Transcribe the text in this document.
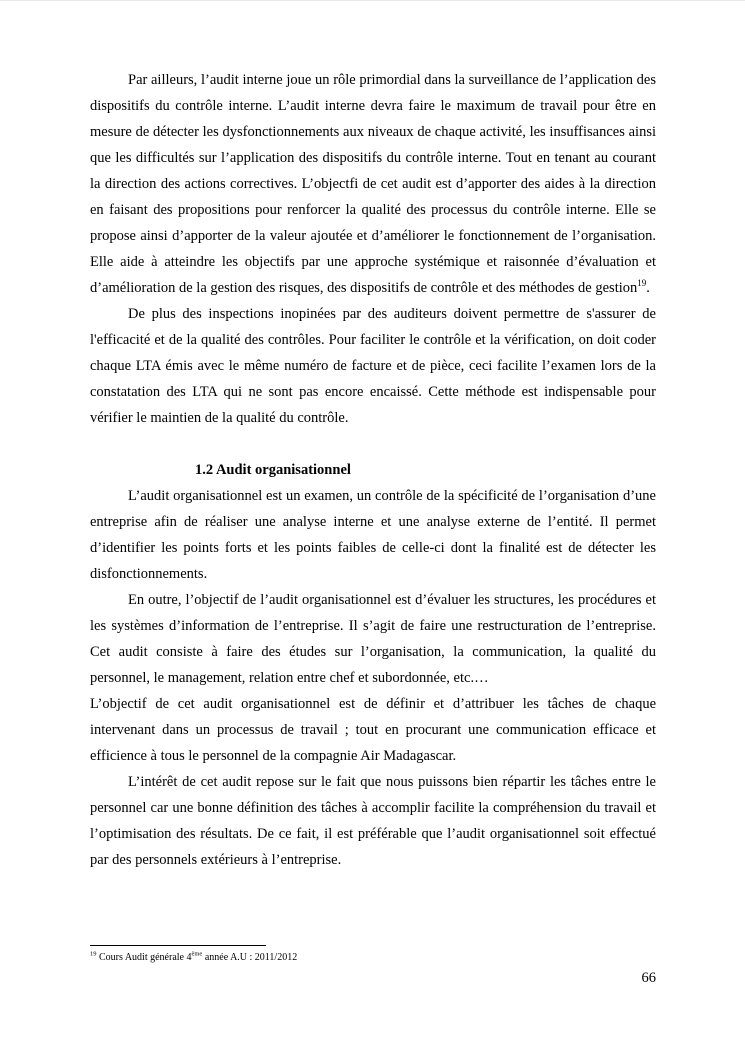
Par ailleurs, l’audit interne joue un rôle primordial dans la surveillance de l’application des dispositifs du contrôle interne. L’audit interne devra faire le maximum de travail pour être en mesure de détecter les dysfonctionnements aux niveaux de chaque activité, les insuffisances ainsi que les difficultés sur l’application des dispositifs du contrôle interne. Tout en tenant au courant la direction des actions correctives. L’objectfi de cet audit est d’apporter des aides à la direction en faisant des propositions pour renforcer la qualité des processus du contrôle interne. Elle se propose ainsi d’apporter de la valeur ajoutée et d’améliorer le fonctionnement de l’organisation. Elle aide à atteindre les objectifs par une approche systémique et raisonnée d’évaluation et d’amélioration de la gestion des risques, des dispositifs de contrôle et des méthodes de gestion$^{19}$.

De plus des inspections inopinées par des auditeurs doivent permettre de s'assurer de l'efficacité et de la qualité des contrôles. Pour faciliter le contrôle et la vérification, on doit coder chaque LTA émis avec le même numéro de facture et de pièce, ceci facilite l’examen lors de la constatation des LTA qui ne sont pas encore encaissé. Cette méthode est indispensable pour vérifier le maintien de la qualité du contrôle.

1.2 Audit organisationnel

L’audit organisationnel est un examen, un contrôle de la spécificité de l’organisation d’une entreprise afin de réaliser une analyse interne et une analyse externe de l’entité. Il permet d’identifier les points forts et les points faibles de celle-ci dont la finalité est de détecter les disfonctionnements.

En outre, l’objectif de l’audit organisationnel est d’évaluer les structures, les procédures et les systèmes d’information de l’entreprise. Il s’agit de faire une restructuration de l’entreprise. Cet audit consiste à faire des études sur l’organisation, la communication, la qualité du personnel, le management, relation entre chef et subordonnée, etc.…

L’objectif de cet audit organisationnel est de définir et d’attribuer les tâches de chaque intervenant dans un processus de travail ; tout en procurant une communication efficace et efficience à tous le personnel de la compagnie Air Madagascar.

L’intérêt de cet audit repose sur le fait que nous puissons bien répartir les tâches entre le personnel car une bonne définition des tâches à accomplir facilite la compréhension du travail et l’optimisation des résultats. De ce fait, il est préférable que l’audit organisationnel soit effectué par des personnels extérieurs à l’entreprise.

$^{19}$ Cours Audit générale 4ème année A.U : 2011/2012
66
